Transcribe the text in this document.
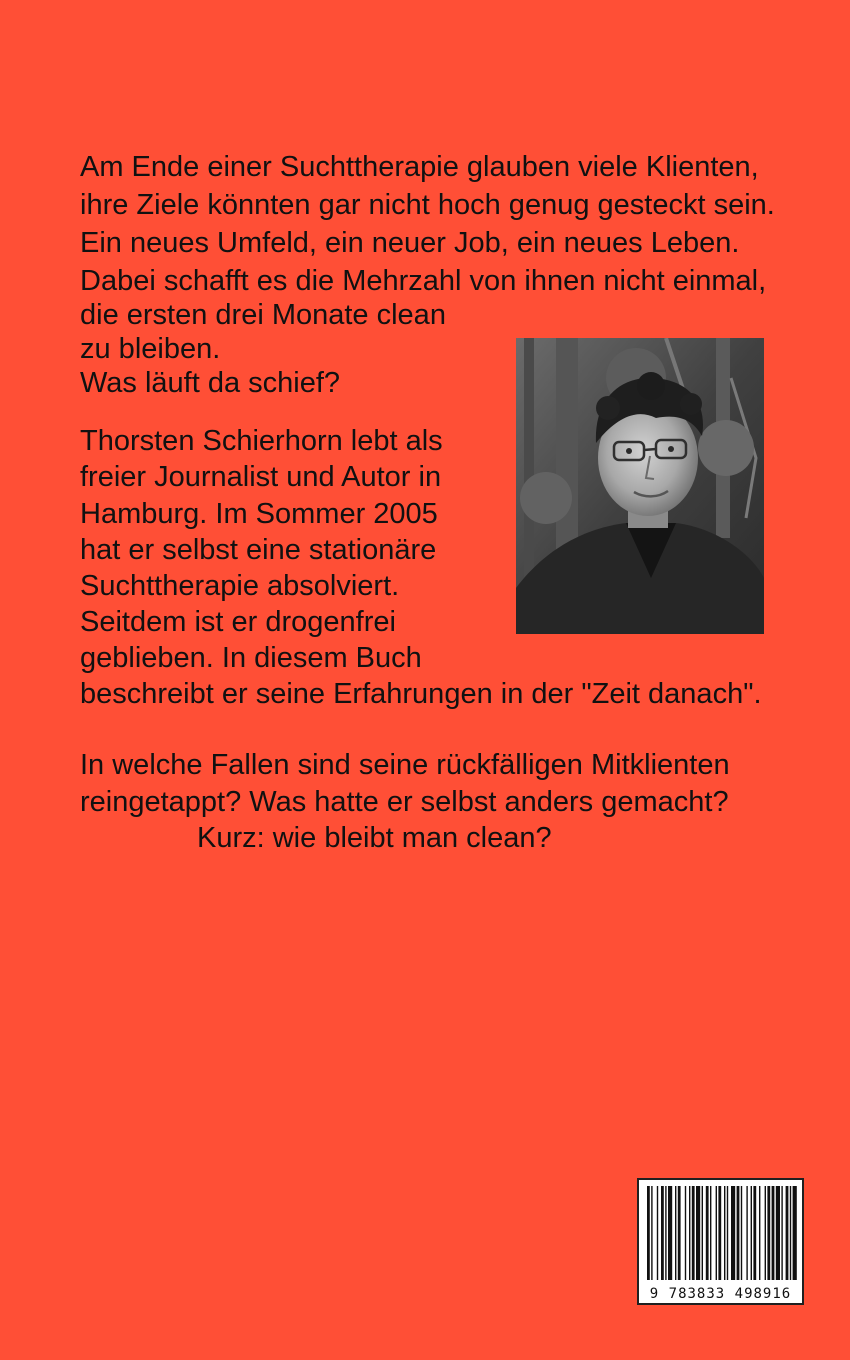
Am Ende einer Suchttherapie glauben viele Klienten,

ihre Ziele könnten gar nicht hoch genug gesteckt sein.

Ein neues Umfeld, ein neuer Job, ein neues Leben.

Dabei schafft es die Mehrzahl von ihnen nicht einmal,

die ersten drei Monate clean

zu bleiben.

Was läuft da schief?

Thorsten Schierhorn lebt als

freier Journalist und Autor in

Hamburg. Im Sommer 2005

hat er selbst eine stationäre

Suchttherapie absolviert.

Seitdem ist er drogenfrei

geblieben. In diesem Buch

beschreibt er seine Erfahrungen in der "Zeit danach".

In welche Fallen sind seine rückfälligen Mitklienten

reingetappt? Was hatte er selbst anders gemacht?

Kurz: wie bleibt man clean?

9 783833 498916
